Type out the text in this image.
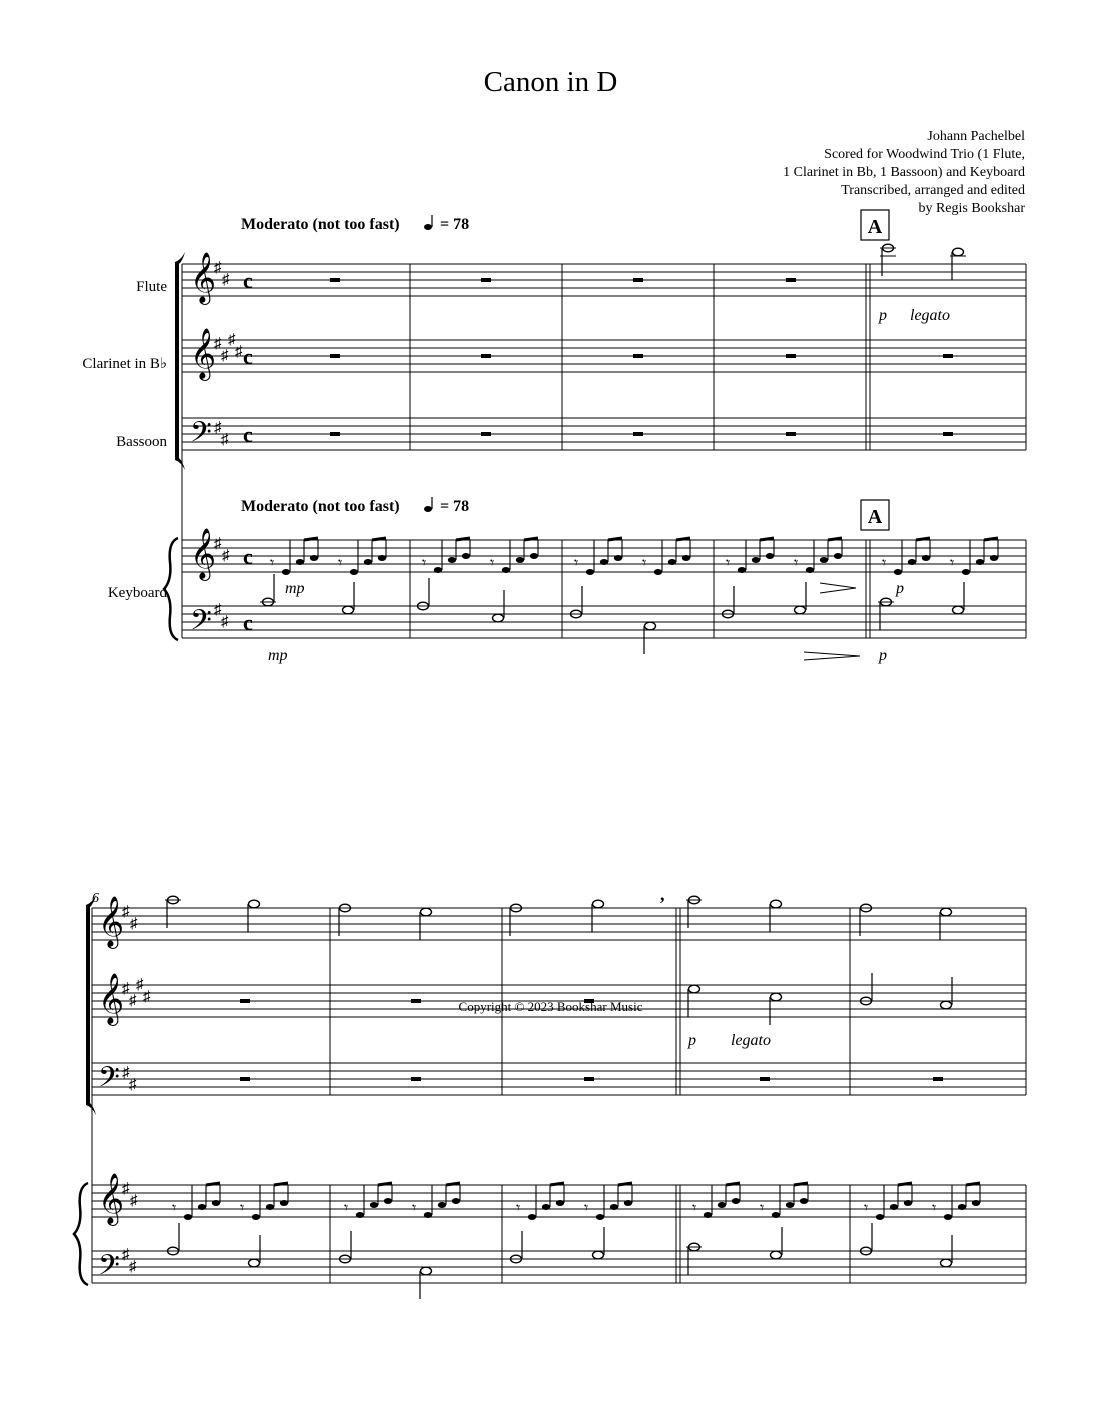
Canon in D
Johann Pachelbel
Scored for Woodwind Trio (1 Flute,
1 Clarinet in Bb, 1 Bassoon) and Keyboard
Transcribed, arranged and edited
by Regis Bookshar
𝄞
𝄞
𝄞
𝄞
𝄞
𝄞
𝄢
𝄢
𝄢
𝄢
♯
♯
♯
♯
♯
♯
♯
♯
♯
♯
♯
♯
♯
♯
♯
♯
♯
♯
♯
♯
♯
♯
♯
♯
c
c
c
c
c
𝄾	𝄾	𝄾	𝄾	𝄾	𝄾	𝄾	𝄾	𝄾	𝄾
𝄾	𝄾	𝄾	𝄾	𝄾	𝄾	𝄾	𝄾	𝄾	𝄾
p legato
mp
mp
p
p
p legato
,
Moderato (not too fast)	= 78
Moderato (not too fast)	= 78
A
A
Flute
Clarinet in B♭
Bassoon
Keyboard
6
Copyright © 2023 Bookshar Music
